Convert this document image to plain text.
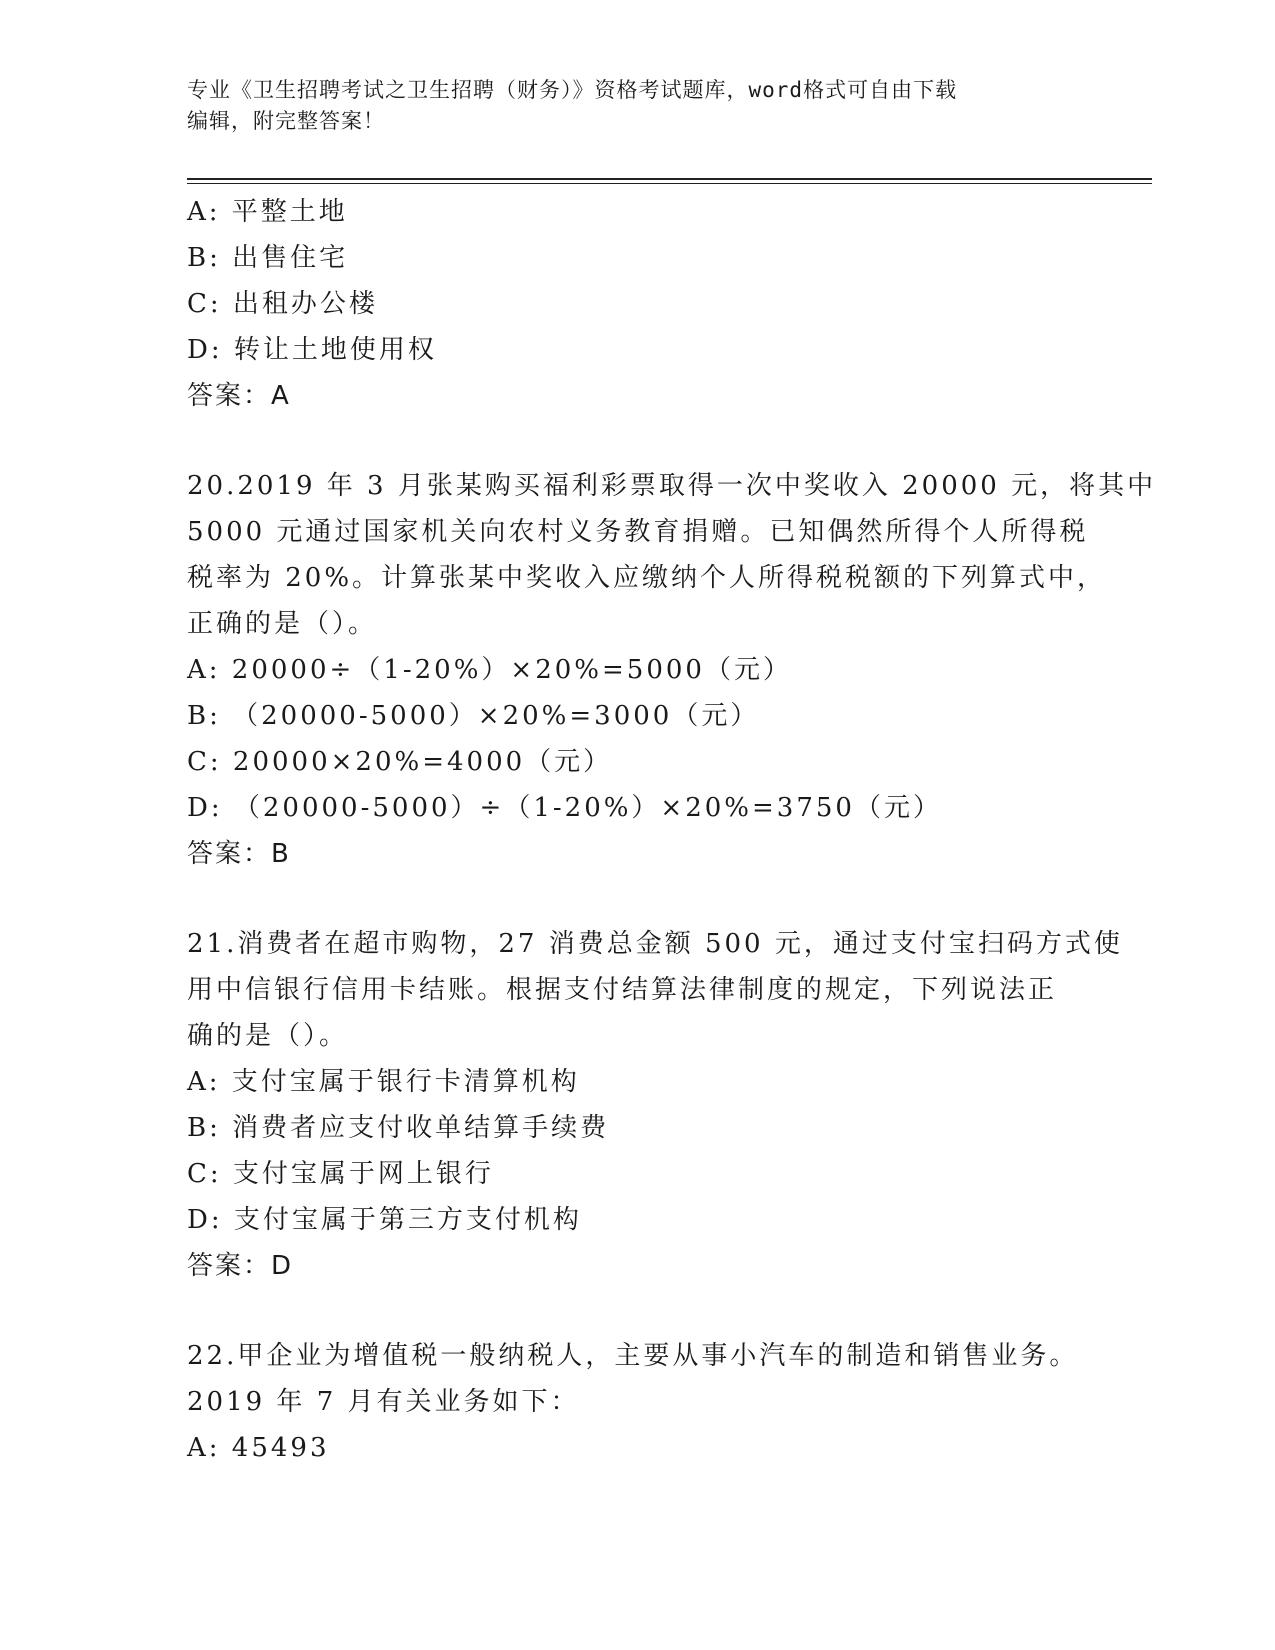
专业《卫生招聘考试之卫生招聘（财务）》资格考试题库，word格式可自由下载
编辑，附完整答案！
A: 平整土地
B: 出售住宅
C: 出租办公楼
D: 转让土地使用权
答案：A
20.2019 年 3 月张某购买福利彩票取得一次中奖收入 20000 元，将其中
5000 元通过国家机关向农村义务教育捐赠。已知偶然所得个人所得税
税率为 20%。计算张某中奖收入应缴纳个人所得税税额的下列算式中，
正确的是（）。
A: 20000÷（1-20%）×20%=5000（元）
B: （20000-5000）×20%=3000（元）
C: 20000×20%=4000（元）
D: （20000-5000）÷（1-20%）×20%=3750（元）
答案：B
21.消费者在超市购物，27 消费总金额 500 元，通过支付宝扫码方式使
用中信银行信用卡结账。根据支付结算法律制度的规定，下列说法正
确的是（）。
A: 支付宝属于银行卡清算机构
B: 消费者应支付收单结算手续费
C: 支付宝属于网上银行
D: 支付宝属于第三方支付机构
答案：D
22.甲企业为增值税一般纳税人，主要从事小汽车的制造和销售业务。
2019 年 7 月有关业务如下：
A: 45493
